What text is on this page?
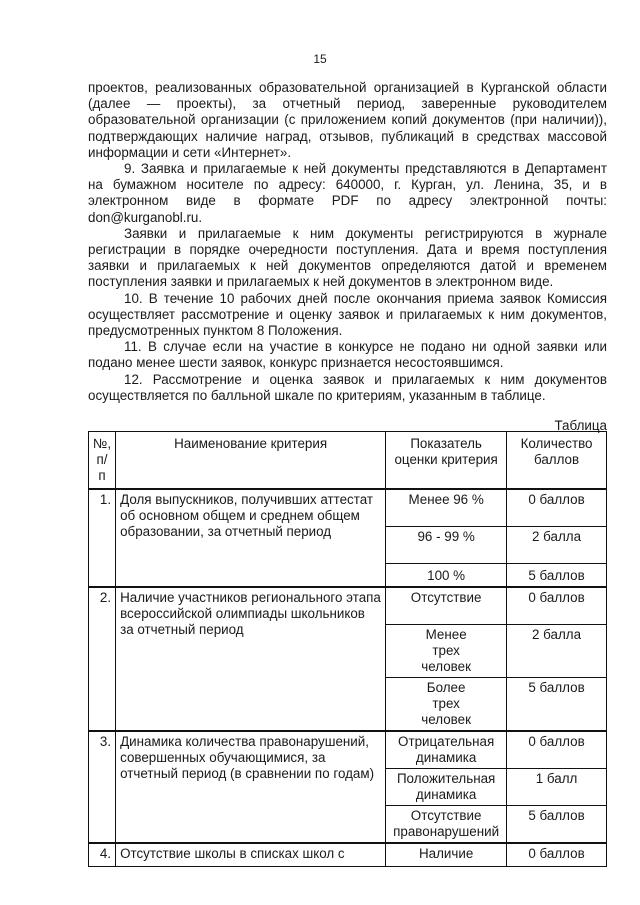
15

проектов, реализованных образовательной организацией в Курганской области (далее — проекты), за отчетный период, заверенные руководителем образовательной организации (с приложением копий документов (при наличии)), подтверждающих наличие наград, отзывов, публикаций в средствах массовой информации и сети «Интернет».

9. Заявка и прилагаемые к ней документы представляются в Департамент на бумажном носителе по адресу: 640000, г. Курган, ул. Ленина, 35, и в электронном виде в формате PDF по адресу электронной почты: don@kurganobl.ru.

Заявки и прилагаемые к ним документы регистрируются в журнале регистрации в порядке очередности поступления. Дата и время поступления заявки и прилагаемых к ней документов определяются датой и временем поступления заявки и прилагаемых к ней документов в электронном виде.

10. В течение 10 рабочих дней после окончания приема заявок Комиссия осуществляет рассмотрение и оценку заявок и прилагаемых к ним документов, предусмотренных пунктом 8 Положения.

11. В случае если на участие в конкурсе не подано ни одной заявки или подано менее шести заявок, конкурс признается несостоявшимся.

12. Рассмотрение и оценка заявок и прилагаемых к ним документов осуществляется по балльной шкале по критериям, указанным в таблице.

Таблица
№, п/п	Наименование критерия	Показатель оценки критерия	Количество баллов
1.	Доля выпускников, получивших аттестат об основном общем и среднем общем образовании, за отчетный период	Менее 96 %	0 баллов
		96 - 99 %	2 балла
		100 %	5 баллов
2.	Наличие участников регионального этапа всероссийской олимпиады школьников за отчетный период	Отсутствие	0 баллов
		Менее трех человек	2 балла
		Более трех человек	5 баллов
3.	Динамика количества правонарушений, совершенных обучающимися, за отчетный период (в сравнении по годам)	Отрицательная динамика	0 баллов
		Положительная динамика	1 балл
		Отсутствие правонарушений	5 баллов
4.	Отсутствие школы в списках школ с	Наличие	0 баллов
